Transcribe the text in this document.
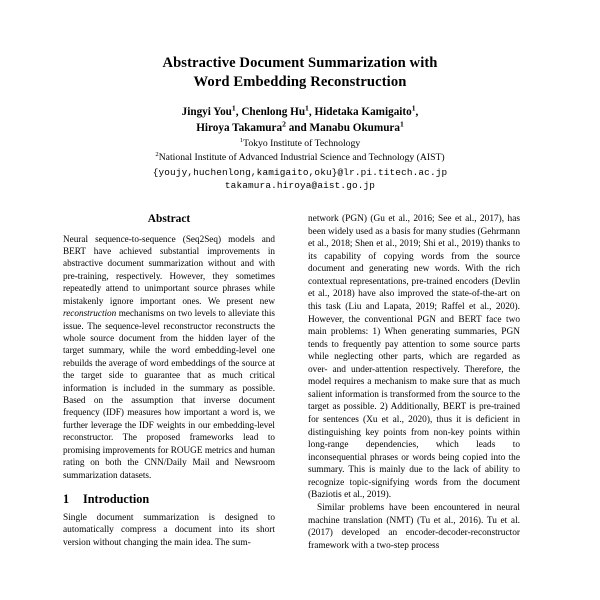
Abstractive Document Summarization with
Word Embedding Reconstruction
Jingyi You$^1$, Chenlong Hu$^1$, Hidetaka Kamigaito$^1$,
Hiroya Takamura$^2$ and Manabu Okumura$^1$
$^1$Tokyo Institute of Technology
$^2$National Institute of Advanced Industrial Science and Technology (AIST)
{youjy,huchenlong,kamigaito,oku}@lr.pi.titech.ac.jp
takamura.hiroya@aist.go.jp
Abstract

Neural sequence-to-sequence (Seq2Seq) models and BERT have achieved substantial improvements in abstractive document summarization without and with pre-training, respectively. However, they sometimes repeatedly attend to unimportant source phrases while mistakenly ignore important ones. We present new reconstruction mechanisms on two levels to alleviate this issue. The sequence-level reconstructor reconstructs the whole source document from the hidden layer of the target summary, while the word embedding-level one rebuilds the average of word embeddings of the source at the target side to guarantee that as much critical information is included in the summary as possible. Based on the assumption that inverse document frequency (IDF) measures how important a word is, we further leverage the IDF weights in our embedding-level reconstructor. The proposed frameworks lead to promising improvements for ROUGE metrics and human rating on both the CNN/Daily Mail and Newsroom summarization datasets.

1	Introduction

Single document summarization is designed to automatically compress a document into its short version without changing the main idea. The sum-

network (PGN) (Gu et al., 2016; See et al., 2017), has been widely used as a basis for many studies (Gehrmann et al., 2018; Shen et al., 2019; Shi et al., 2019) thanks to its capability of copying words from the source document and generating new words. With the rich contextual representations, pre-trained encoders (Devlin et al., 2018) have also improved the state-of-the-art on this task (Liu and Lapata, 2019; Raffel et al., 2020). However, the conventional PGN and BERT face two main problems: 1) When generating summaries, PGN tends to frequently pay attention to some source parts while neglecting other parts, which are regarded as over- and under-attention respectively. Therefore, the model requires a mechanism to make sure that as much salient information is transformed from the source to the target as possible. 2) Additionally, BERT is pre-trained for sentences (Xu et al., 2020), thus it is deficient in distinguishing key points from non-key points within long-range dependencies, which leads to inconsequential phrases or words being copied into the summary. This is mainly due to the lack of ability to recognize topic-signifying words from the document (Baziotis et al., 2019).

Similar problems have been encountered in neural machine translation (NMT) (Tu et al., 2016). Tu et al. (2017) developed an encoder-decoder-reconstructor framework with a two-step process
